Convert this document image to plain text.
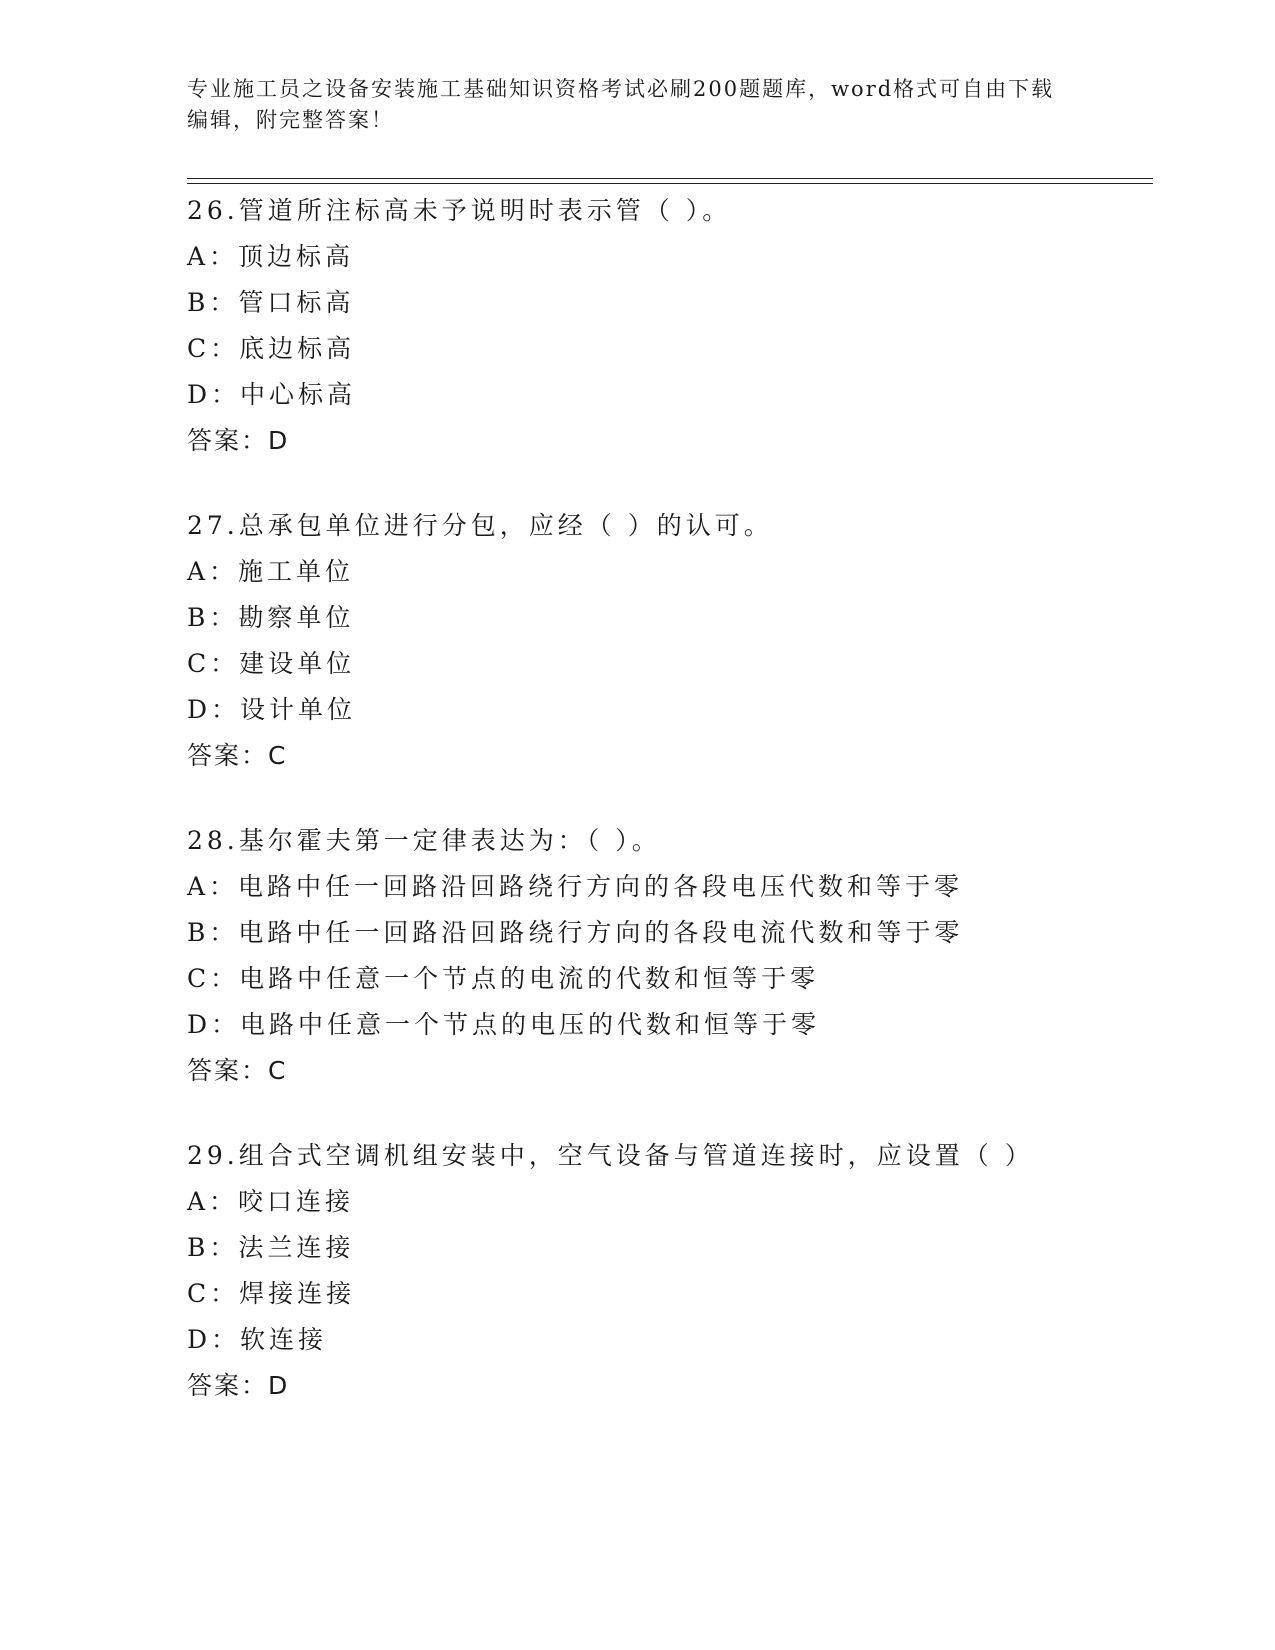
专业施工员之设备安装施工基础知识资格考试必刷200题题库，word格式可自由下载编辑，附完整答案！
26.管道所注标高未予说明时表示管（ ）。
A：顶边标高
B：管口标高
C：底边标高
D：中心标高
答案：D
27.总承包单位进行分包，应经（ ）的认可。
A：施工单位
B：勘察单位
C：建设单位
D：设计单位
答案：C
28.基尔霍夫第一定律表达为：（ ）。
A：电路中任一回路沿回路绕行方向的各段电压代数和等于零
B：电路中任一回路沿回路绕行方向的各段电流代数和等于零
C：电路中任意一个节点的电流的代数和恒等于零
D：电路中任意一个节点的电压的代数和恒等于零
答案：C
29.组合式空调机组安装中，空气设备与管道连接时，应设置（ ）
A：咬口连接
B：法兰连接
C：焊接连接
D：软连接
答案：D
